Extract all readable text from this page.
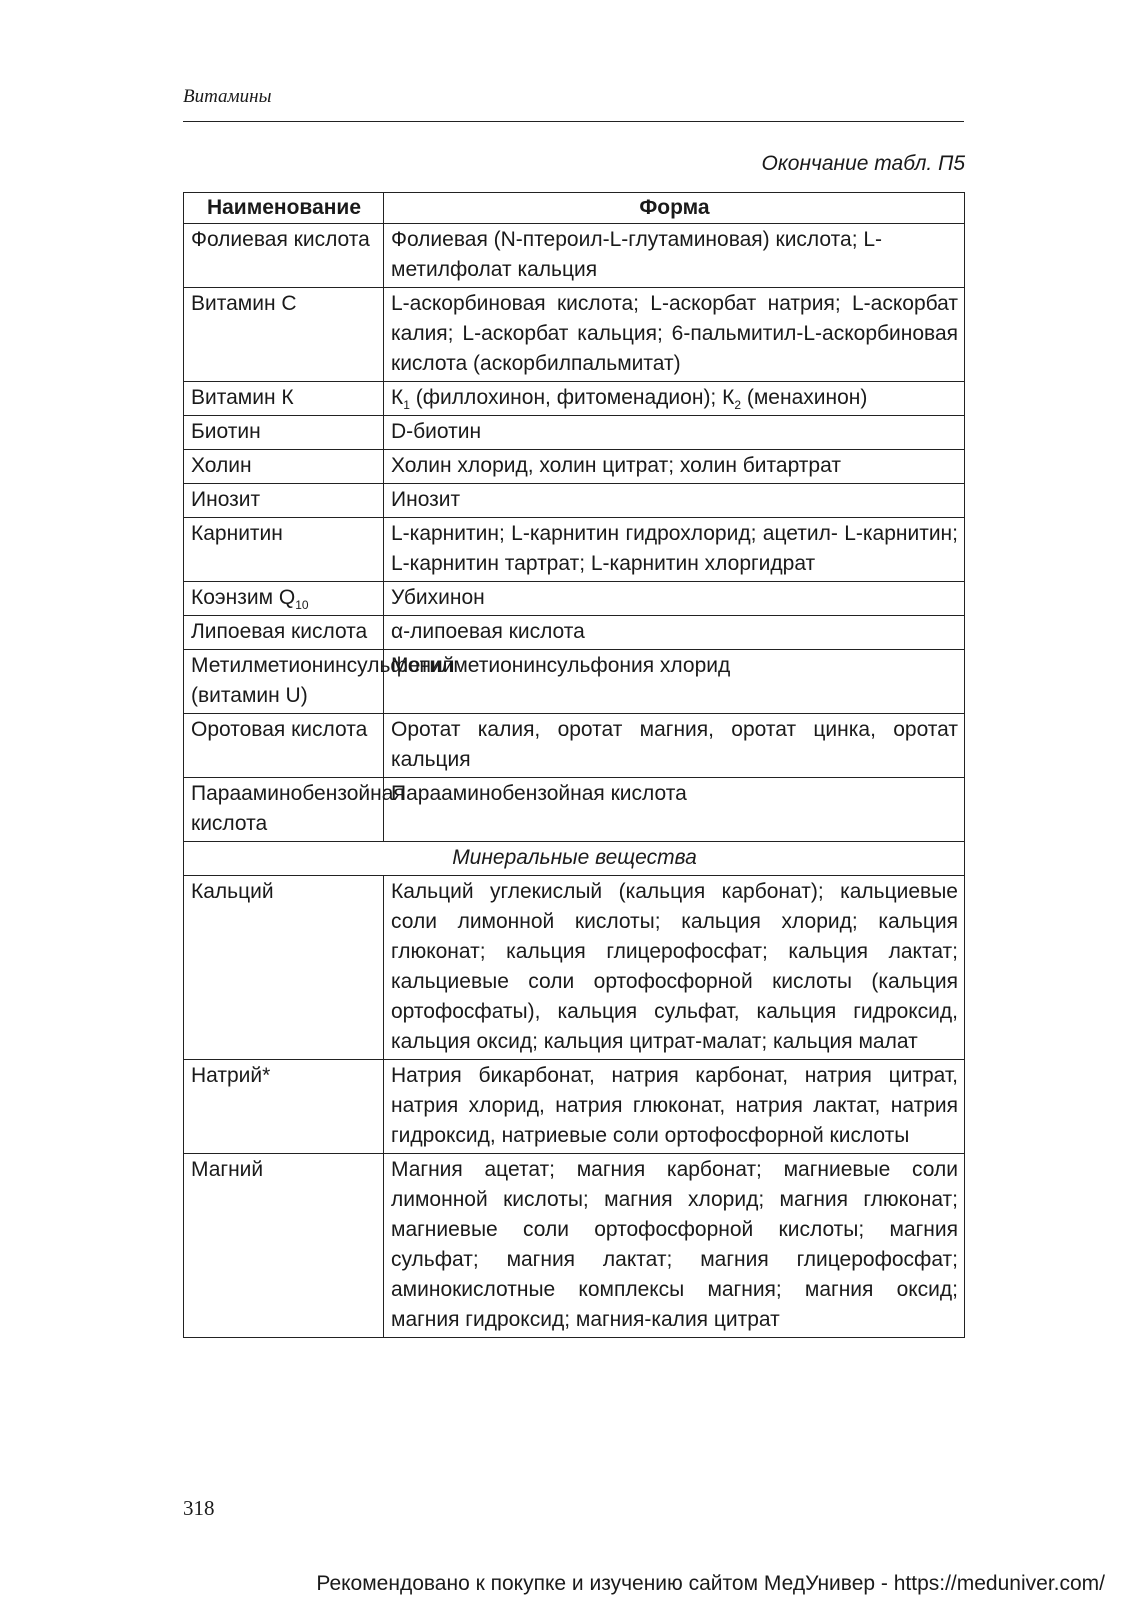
Витамины
Окончание табл. П5
Наименование	Форма
Фолиевая кислота	Фолиевая (N-птероил-L-глутаминовая) кислота; L-метилфолат кальция
Витамин С	L-аскорбиновая кислота; L-аскорбат натрия; L-аскорбат калия; L-аскорбат кальция; 6-пальмитил-L-аскорбиновая кислота (аскорбилпальмитат)
Витамин К	$К_1$ (филлохинон, фитоменадион); $К_2$ (менахинон)
Биотин	D-биотин
Холин	Холин хлорид, холин цитрат; холин битартрат
Инозит	Инозит
Карнитин	L-карнитин; L-карнитин гидрохлорид; ацетил- L-карнитин; L-карнитин тартрат; L-карнитин хлоргидрат
Коэнзим $Q_{10}$	Убихинон
Липоевая кислота	α-липоевая кислота
Метилметионинсульфоний (витамин U)	Метилметионинсульфония хлорид
Оротовая кислота	Оротат калия, оротат магния, оротат цинка, оротат кальция
Парааминобензойная кислота	Парааминобензойная кислота
Минеральные вещества	
Кальций	Кальций углекислый (кальция карбонат); кальциевые соли лимонной кислоты; кальция хлорид; кальция глюконат; кальция глицерофосфат; кальция лактат; кальциевые соли ортофосфорной кислоты (кальция ортофосфаты), кальция сульфат, кальция гидроксид, кальция оксид; кальция цитрат-малат; кальция малат
Натрий*	Натрия бикарбонат, натрия карбонат, натрия цитрат, натрия хлорид, натрия глюконат, натрия лактат, натрия гидроксид, натриевые соли ортофосфорной кислоты
Магний	Магния ацетат; магния карбонат; магниевые соли лимонной кислоты; магния хлорид; магния глюконат; магниевые соли ортофосфорной кислоты; магния сульфат; магния лактат; магния глицерофосфат; аминокислотные комплексы магния; магния оксид; магния гидроксид; магния-калия цитрат
318
Рекомендовано к покупке и изучению сайтом МедУнивер - https://meduniver.com/
